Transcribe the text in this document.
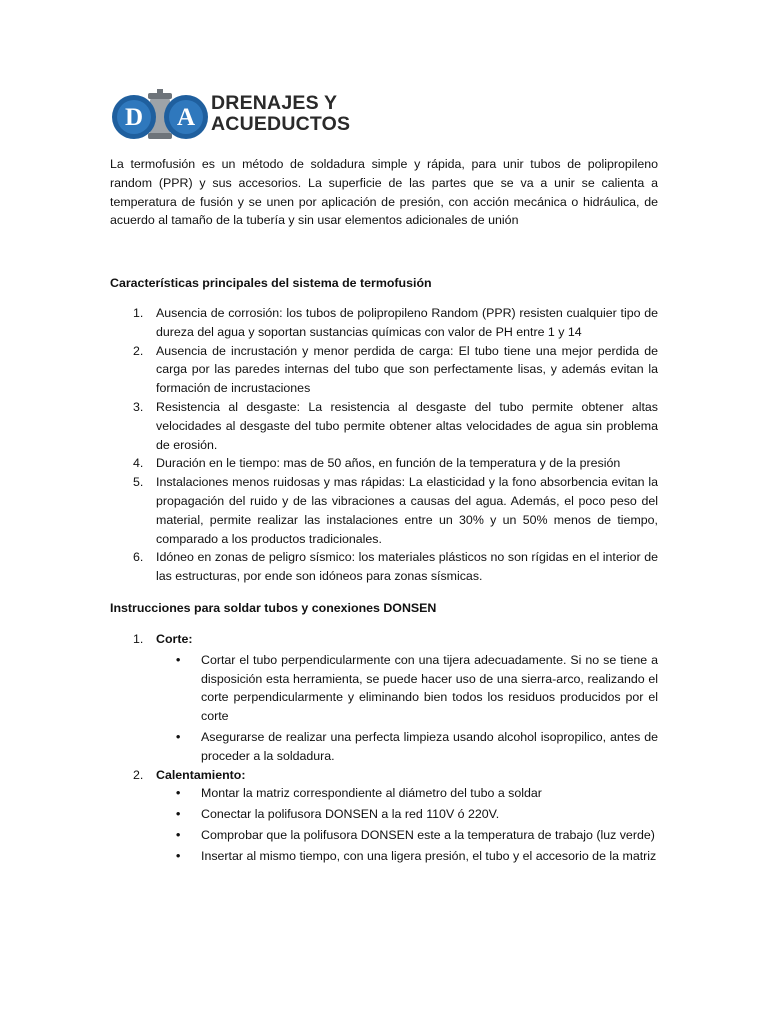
D A
DRENAJES Y
ACUEDUCTOS

La termofusión es un método de soldadura simple y rápida, para unir tubos de polipropileno random (PPR) y sus accesorios. La superficie de las partes que se va a unir se calienta a temperatura de fusión y se unen por aplicación de presión, con acción mecánica o hidráulica, de acuerdo al tamaño de la tubería y sin usar elementos adicionales de unión

Características principales del sistema de termofusión

1. Ausencia de corrosión: los tubos de polipropileno Random (PPR) resisten cualquier tipo de dureza del agua y soportan sustancias químicas con valor de PH entre 1 y 14
2. Ausencia de incrustación y menor perdida de carga: El tubo tiene una mejor perdida de carga por las paredes internas del tubo que son perfectamente lisas, y además evitan la formación de incrustaciones
3. Resistencia al desgaste: La resistencia al desgaste del tubo permite obtener altas velocidades al desgaste del tubo permite obtener altas velocidades de agua sin problema de erosión.
4. Duración en le tiempo: mas de 50 años, en función de la temperatura y de la presión
5. Instalaciones menos ruidosas y mas rápidas: La elasticidad y la fono absorbencia evitan la propagación del ruido y de las vibraciones a causas del agua. Además, el poco peso del material, permite realizar las instalaciones entre un 30% y un 50% menos de tiempo, comparado a los productos tradicionales.
6. Idóneo en zonas de peligro sísmico: los materiales plásticos no son rígidas en el interior de las estructuras, por ende son idóneos para zonas sísmicas.

Instrucciones para soldar tubos y conexiones DONSEN

1. Corte:
• Cortar el tubo perpendicularmente con una tijera adecuadamente. Si no se tiene a disposición esta herramienta, se puede hacer uso de una sierra-arco, realizando el corte perpendicularmente y eliminando bien todos los residuos producidos por el corte
• Asegurarse de realizar una perfecta limpieza usando alcohol isopropilico, antes de proceder a la soldadura.
2. Calentamiento:
• Montar la matriz correspondiente al diámetro del tubo a soldar
• Conectar la polifusora DONSEN a la red 110V ó 220V.
• Comprobar que la polifusora DONSEN este a la temperatura de trabajo (luz verde)
• Insertar al mismo tiempo, con una ligera presión, el tubo y el accesorio de la matriz
